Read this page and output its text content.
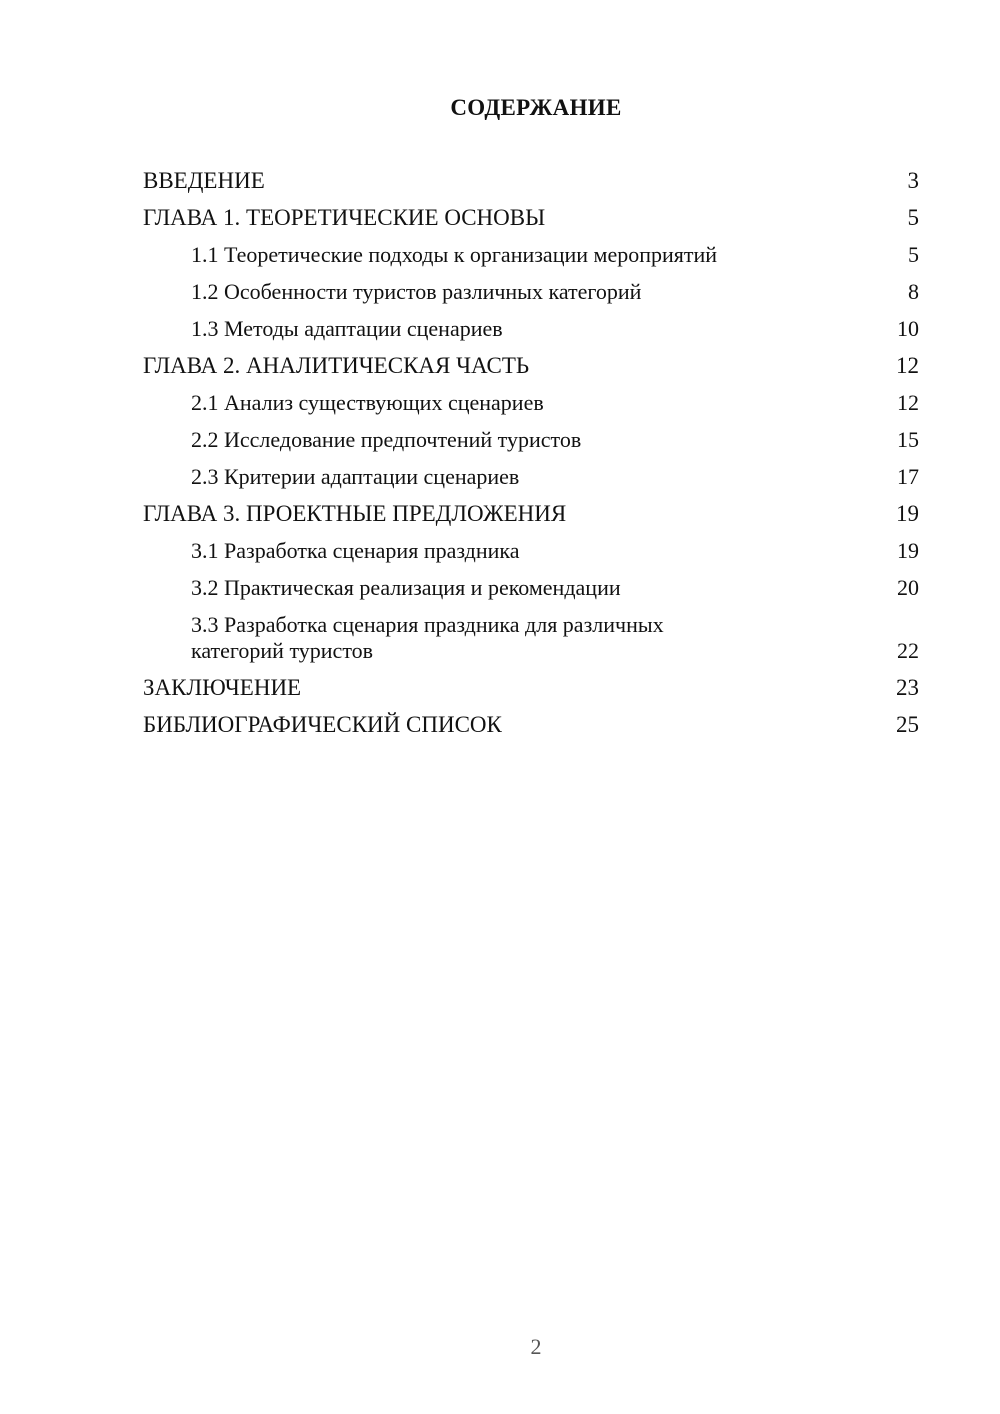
СОДЕРЖАНИЕ
ВВЕДЕНИЕ	3
ГЛАВА 1. ТЕОРЕТИЧЕСКИЕ ОСНОВЫ	5
1.1 Теоретические подходы к организации мероприятий	5
1.2 Особенности туристов различных категорий	8
1.3 Методы адаптации сценариев	10
ГЛАВА 2. АНАЛИТИЧЕСКАЯ ЧАСТЬ	12
2.1 Анализ существующих сценариев	12
2.2 Исследование предпочтений туристов	15
2.3 Критерии адаптации сценариев	17
ГЛАВА 3. ПРОЕКТНЫЕ ПРЕДЛОЖЕНИЯ	19
3.1 Разработка сценария праздника	19
3.2 Практическая реализация и рекомендации	20
3.3 Разработка сценария праздника для различных категорий туристов	22
ЗАКЛЮЧЕНИЕ	23
БИБЛИОГРАФИЧЕСКИЙ СПИСОК	25
2
